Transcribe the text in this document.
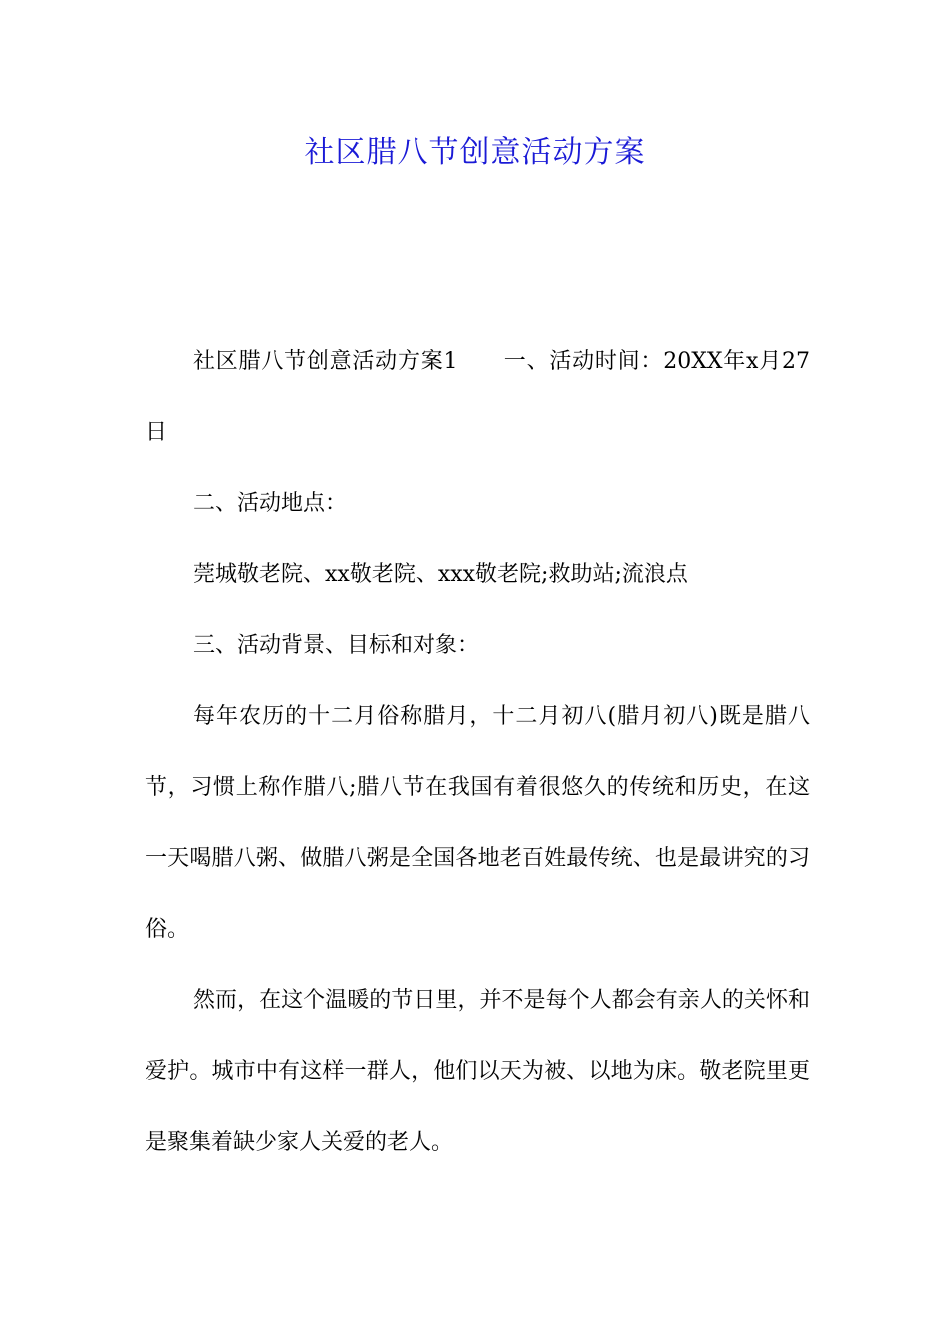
社区腊八节创意活动方案

社区腊八节创意活动方案1　　一、活动时间：20XX年x月27日

二、活动地点：

莞城敬老院、xx敬老院、xxx敬老院;救助站;流浪点

三、活动背景、目标和对象：

每年农历的十二月俗称腊月，十二月初八(腊月初八)既是腊八节，习惯上称作腊八;腊八节在我国有着很悠久的传统和历史，在这一天喝腊八粥、做腊八粥是全国各地老百姓最传统、也是最讲究的习俗。

然而，在这个温暖的节日里，并不是每个人都会有亲人的关怀和爱护。城市中有这样一群人，他们以天为被、以地为床。敬老院里更是聚集着缺少家人关爱的老人。
